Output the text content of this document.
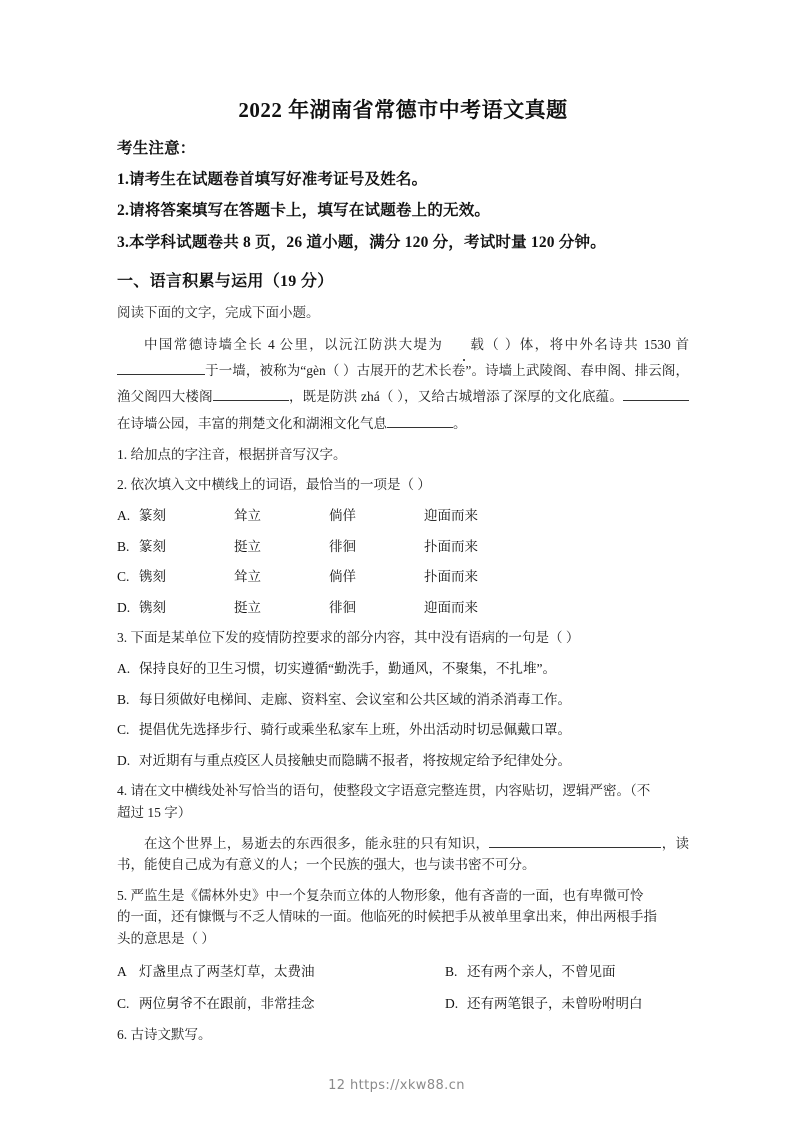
2022 年湖南省常德市中考语文真题

考生注意：

1.请考生在试题卷首填写好准考证号及姓名。

2.请将答案填写在答题卡上，填写在试题卷上的无效。

3.本学科试题卷共 8 页，26 道小题，满分 120 分，考试时量 120 分钟。

一、语言积累与运用（19 分）

阅读下面的文字，完成下面小题。

中国常德诗墙全长 4 公里，以沅江防洪大堤为 载（ ）体，将中外名诗共 1530 首于一墙，被称为“gèn（ ）古展开的艺术长卷”。诗墙上武陵阁、春申阁、排云阁，渔父阁四大楼阁	，既是防洪 zhá（ ），又给古城增添了深厚的文化底蕴。在诗墙公园，丰富的荆楚文化和湖湘文化气息	。

1. 给加点的字注音，根据拼音写汉字。

2. 依次填入文中横线上的词语，最恰当的一项是（ ）

A. 篆刻	耸立	倘佯	迎面而来
B. 篆刻	挺立	徘徊	扑面而来
C. 镌刻	耸立	倘佯	扑面而来
D. 镌刻	挺立	徘徊	迎面而来

3. 下面是某单位下发的疫情防控要求的部分内容，其中没有语病的一句是（ ）

A. 保持良好的卫生习惯，切实遵循“勤洗手，勤通风，不聚集，不扎堆”。
B. 每日须做好电梯间、走廊、资料室、会议室和公共区域的消杀消毒工作。
C. 提倡优先选择步行、骑行或乘坐私家车上班，外出活动时切忌佩戴口罩。
D. 对近期有与重点疫区人员接触史而隐瞒不报者，将按规定给予纪律处分。

4. 请在文中横线处补写恰当的语句，使整段文字语意完整连贯，内容贴切，逻辑严密。（不
超过 15 字）

在这个世界上，易逝去的东西很多，能永驻的只有知识，	，读书，能使自己成为有意义的人；一个民族的强大，也与读书密不可分。

5. 严监生是《儒林外史》中一个复杂而立体的人物形象，他有吝啬的一面，也有卑微可怜
的一面，还有慷慨与不乏人情味的一面。他临死的时候把手从被单里拿出来，伸出两根手指
头的意思是（ ）

A 灯盏里点了两茎灯草，太费油	B. 还有两个亲人，不曾见面
C. 两位舅爷不在跟前，非常挂念	D. 还有两笔银子，未曾吩咐明白

6. 古诗文默写。

12 https://xkw88.cn
